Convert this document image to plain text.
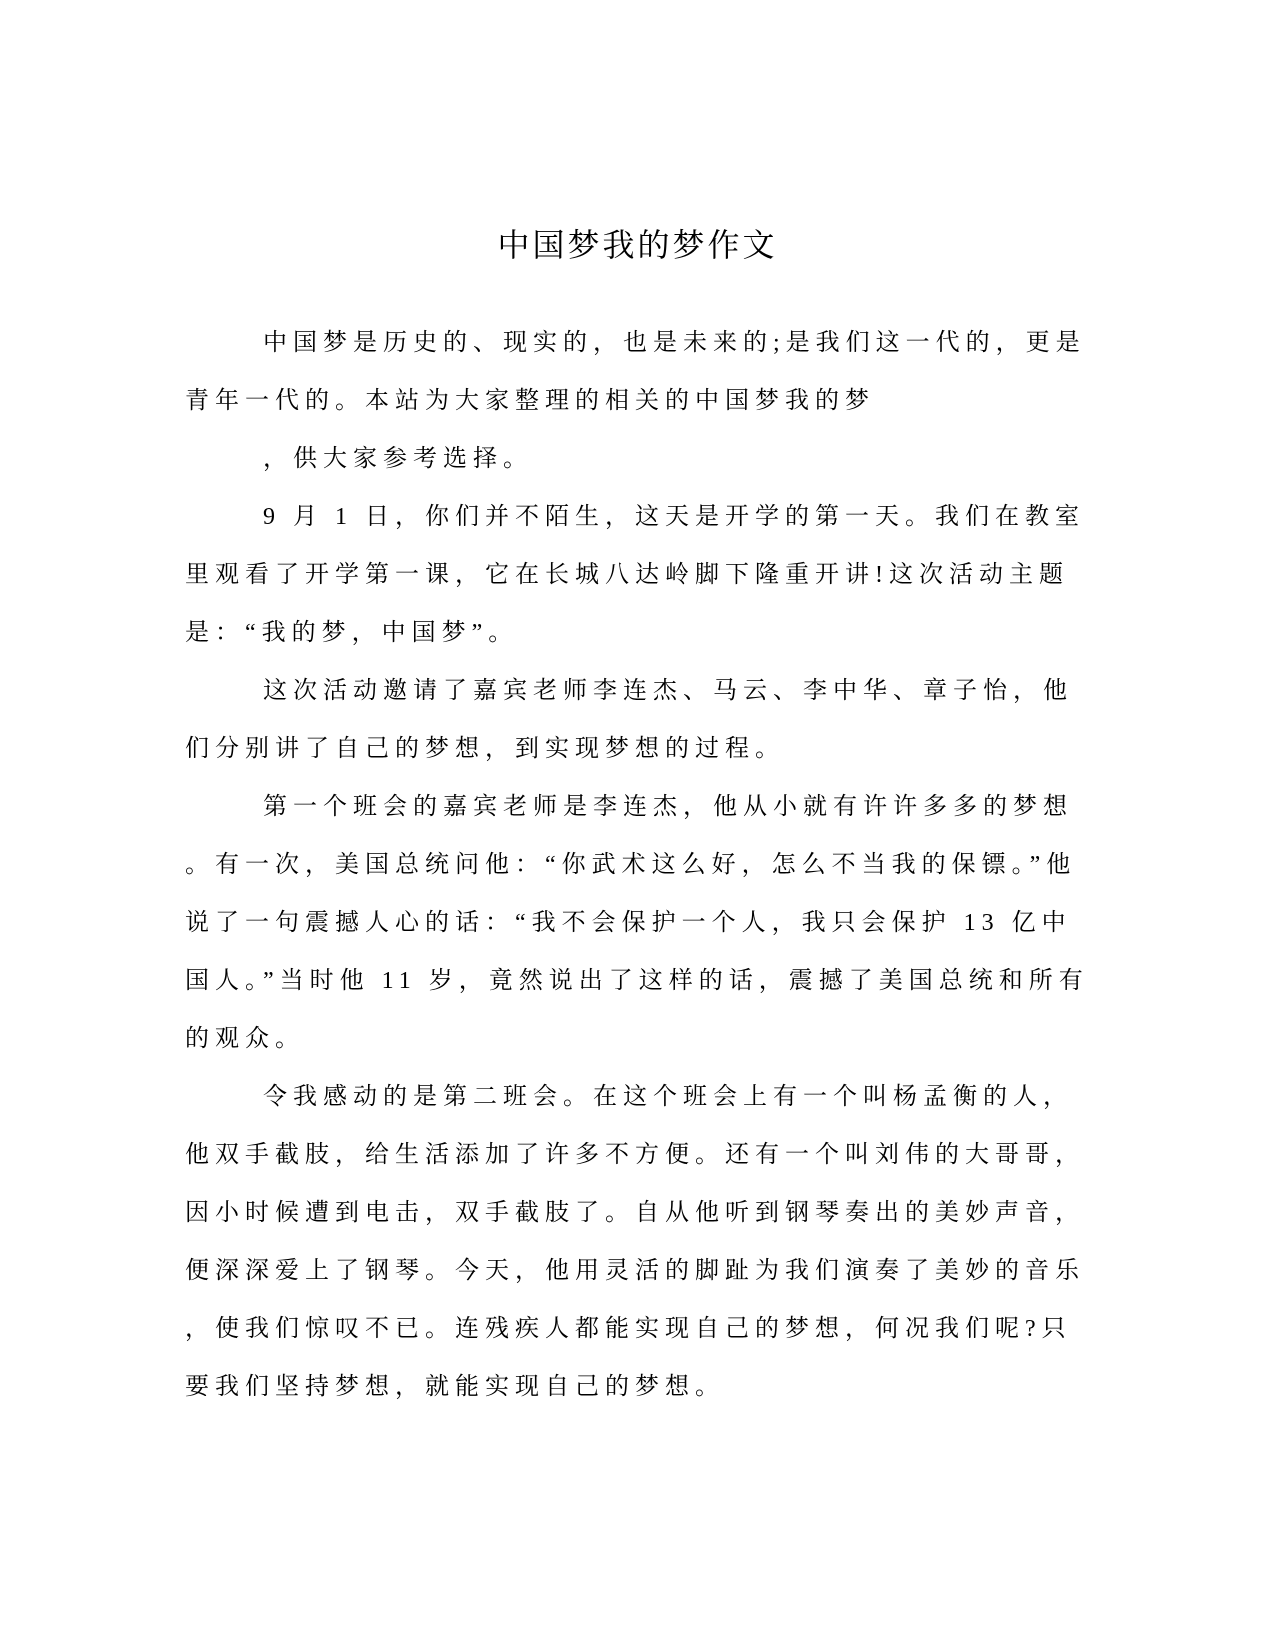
中国梦我的梦作文

中国梦是历史的、现实的，也是未来的;是我们这一代的，更是青年一代的。本站为大家整理的相关的中国梦我的梦

，供大家参考选择。

9 月 1 日，你们并不陌生，这天是开学的第一天。我们在教室里观看了开学第一课，它在长城八达岭脚下隆重开讲!这次活动主题是：“我的梦，中国梦”。

这次活动邀请了嘉宾老师李连杰、马云、李中华、章子怡，他们分别讲了自己的梦想，到实现梦想的过程。

第一个班会的嘉宾老师是李连杰，他从小就有许许多多的梦想。有一次，美国总统问他：“你武术这么好，怎么不当我的保镖。”他说了一句震撼人心的话：“我不会保护一个人，我只会保护 13 亿中国人。”当时他 11 岁，竟然说出了这样的话，震撼了美国总统和所有的观众。

令我感动的是第二班会。在这个班会上有一个叫杨孟衡的人，他双手截肢，给生活添加了许多不方便。还有一个叫刘伟的大哥哥，因小时候遭到电击，双手截肢了。自从他听到钢琴奏出的美妙声音，便深深爱上了钢琴。今天，他用灵活的脚趾为我们演奏了美妙的音乐，使我们惊叹不已。连残疾人都能实现自己的梦想，何况我们呢?只要我们坚持梦想，就能实现自己的梦想。
